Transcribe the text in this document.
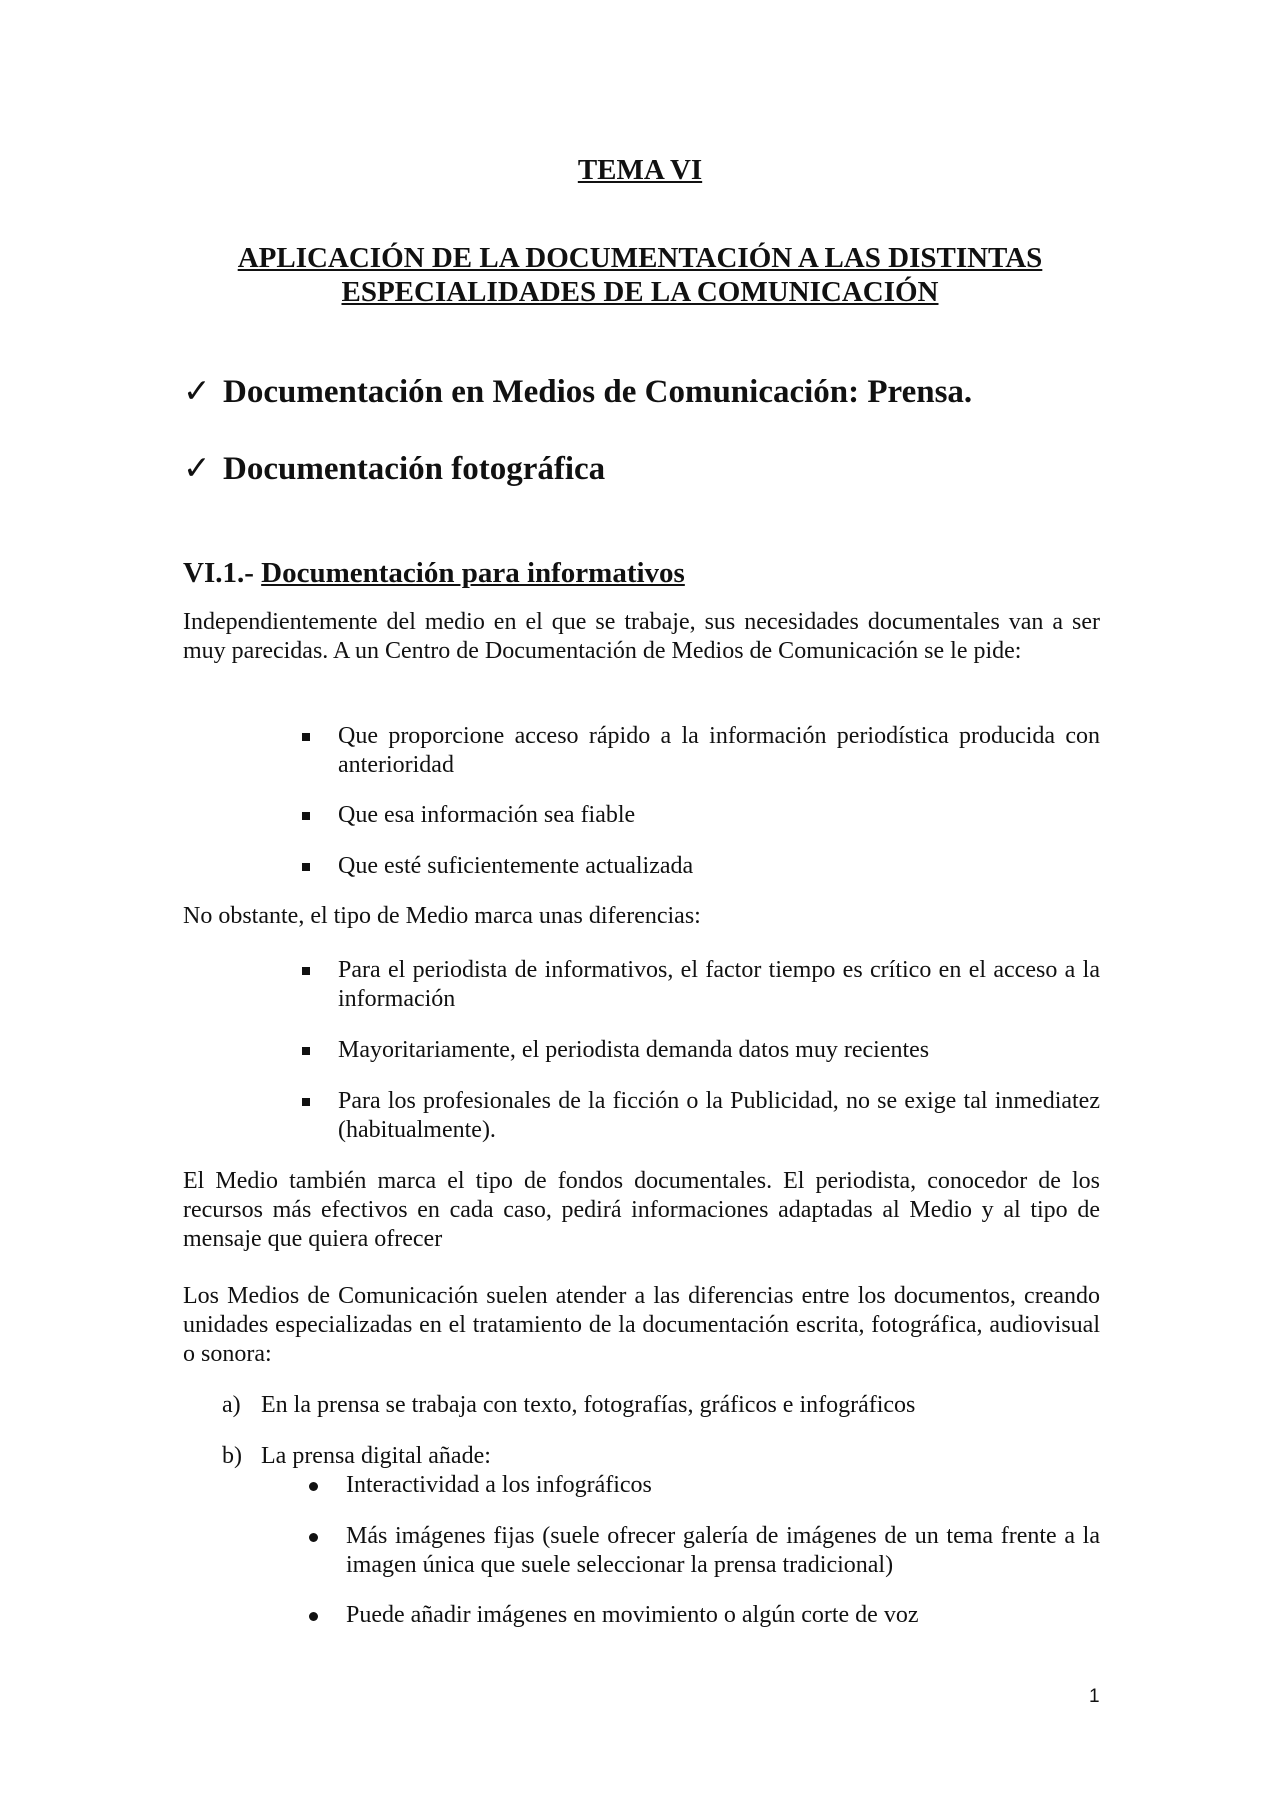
TEMA VI
APLICACIÓN DE LA DOCUMENTACIÓN A LAS DISTINTAS
ESPECIALIDADES DE LA COMUNICACIÓN
✓ Documentación en Medios de Comunicación: Prensa.
✓ Documentación fotográfica
VI.1.- Documentación para informativos

Independientemente del medio en el que se trabaje, sus necesidades documentales van a ser muy parecidas. A un Centro de Documentación de Medios de Comunicación se le pide:

Que proporcione acceso rápido a la información periodística producida con anterioridad
Que esa información sea fiable
Que esté suficientemente actualizada

No obstante, el tipo de Medio marca unas diferencias:

Para el periodista de informativos, el factor tiempo es crítico en el acceso a la información
Mayoritariamente, el periodista demanda datos muy recientes
Para los profesionales de la ficción o la Publicidad, no se exige tal inmediatez (habitualmente).

El Medio también marca el tipo de fondos documentales. El periodista, conocedor de los recursos más efectivos en cada caso, pedirá informaciones adaptadas al Medio y al tipo de mensaje que quiera ofrecer

Los Medios de Comunicación suelen atender a las diferencias entre los documentos, creando unidades especializadas en el tratamiento de la documentación escrita, fotográfica, audiovisual o sonora:

a) En la prensa se trabaja con texto, fotografías, gráficos e infográficos
b) La prensa digital añade:
Interactividad a los infográficos
Más imágenes fijas (suele ofrecer galería de imágenes de un tema frente a la imagen única que suele seleccionar la prensa tradicional)
Puede añadir imágenes en movimiento o algún corte de voz
1
